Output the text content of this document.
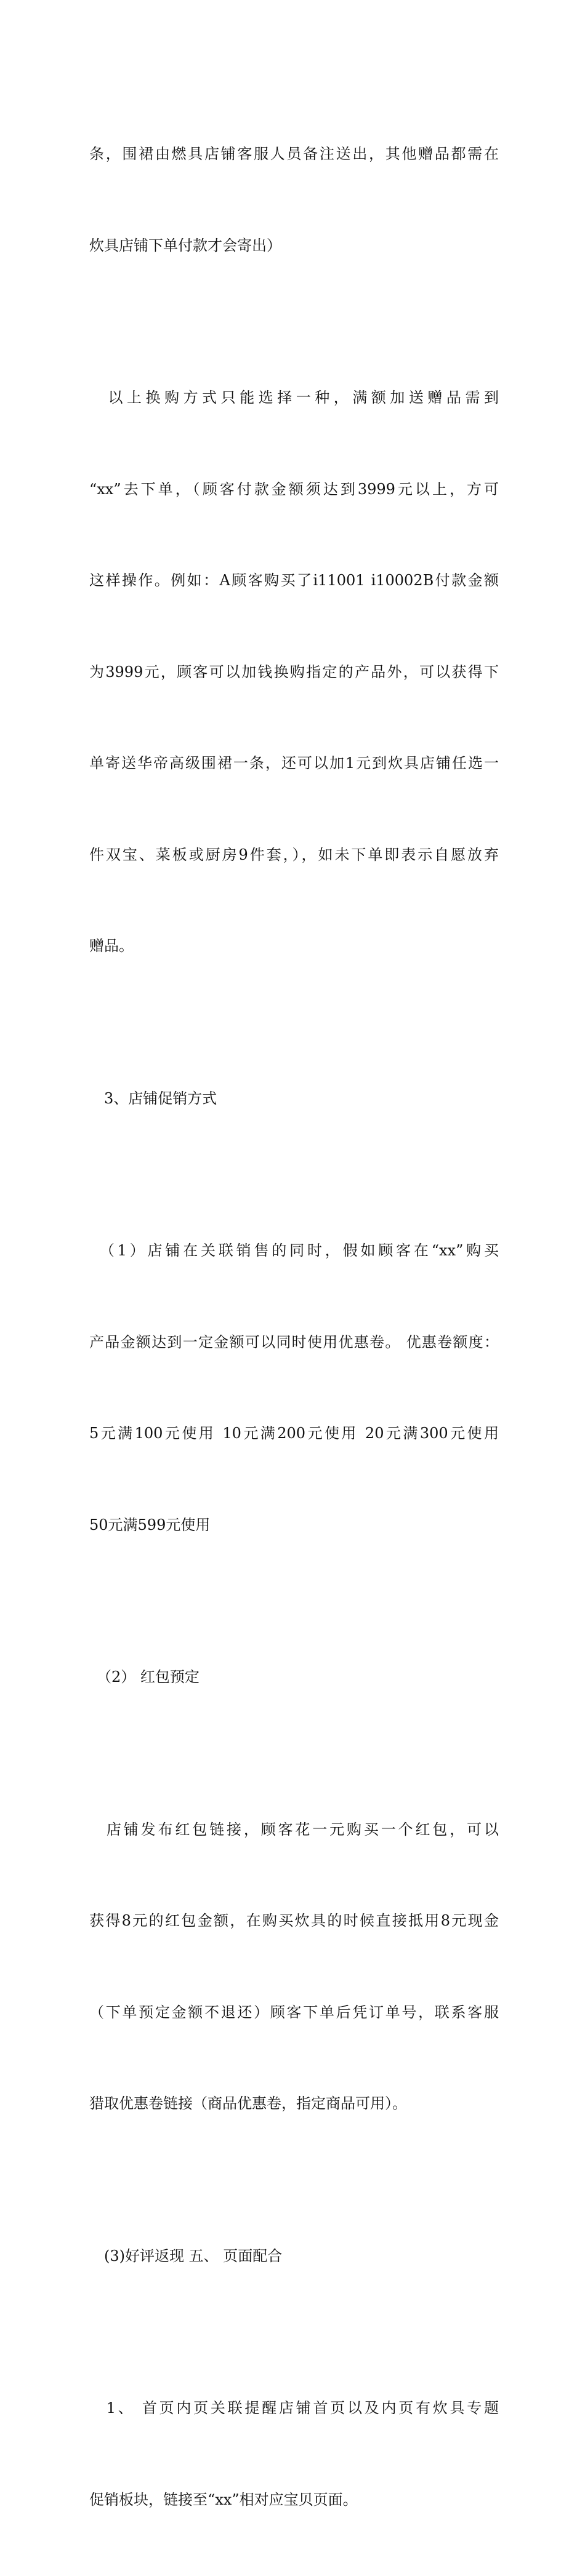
条，围裙由燃具店铺客服人员备注送出，其他赠品都需在

炊具店铺下单付款才会寄出）

　以上换购方式只能选择一种，满额加送赠品需到

“xx”去下单，（顾客付款金额须达到3999元以上，方可

这样操作。例如：A顾客购买了i11001 i10002B付款金额

为3999元，顾客可以加钱换购指定的产品外，可以获得下

单寄送华帝高级围裙一条，还可以加1元到炊具店铺任选一

件双宝、菜板或厨房9件套，），如未下单即表示自愿放弃

赠品。

　3、店铺促销方式

　（1）店铺在关联销售的同时，假如顾客在“xx”购买

产品金额达到一定金额可以同时使用优惠卷。 优惠卷额度：

5元满100元使用 10元满200元使用 20元满300元使用

50元满599元使用

　（2） 红包预定

　店铺发布红包链接，顾客花一元购买一个红包，可以

获得8元的红包金额，在购买炊具的时候直接抵用8元现金

（下单预定金额不退还）顾客下单后凭订单号，联系客服

猎取优惠卷链接（商品优惠卷，指定商品可用）。

　(3)好评返现 五、 页面配合

　1、 首页内页关联提醒店铺首页以及内页有炊具专题

促销板块，链接至“xx”相对应宝贝页面。
